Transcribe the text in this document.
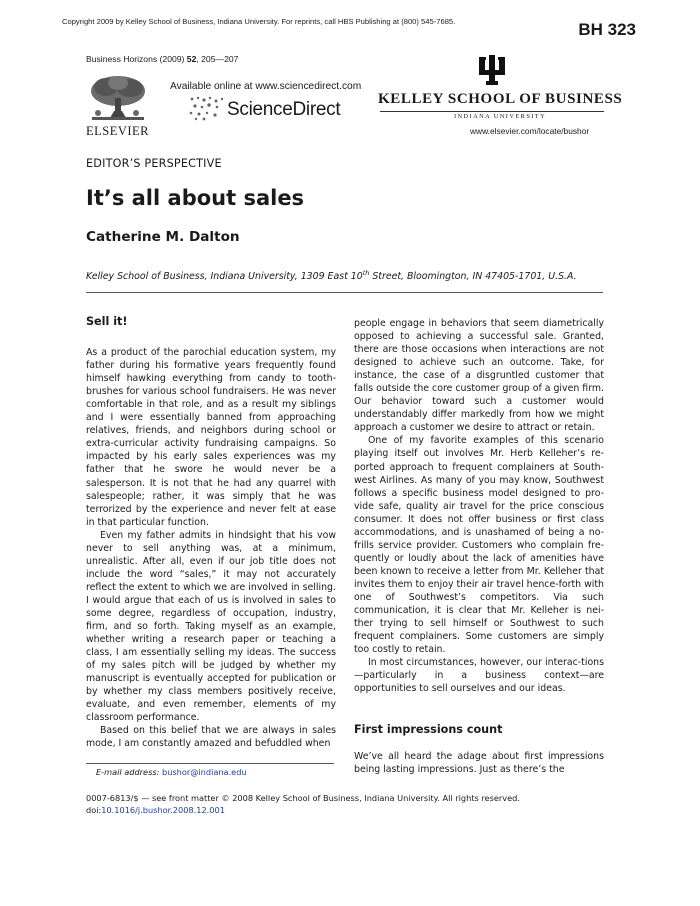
Copyright 2009 by Kelley School of Business, Indiana University. For reprints, call HBS Publishing at (800) 545-7685.	BH 323
Business Horizons (2009) 52, 205—207
ELSEVIER
Available online at www.sciencedirect.com
ScienceDirect	KELLEY SCHOOL OF BUSINESS
INDIANA UNIVERSITY
www.elsevier.com/locate/bushor
EDITOR’S PERSPECTIVE
It’s all about sales
Catherine M. Dalton
Kelley School of Business, Indiana University, 1309 East 10th Street, Bloomington, IN 47405-1701, U.S.A.
Sell it!

As a product of the parochial education system, my father during his formative years frequently found himself hawking everything from candy to tooth-brushes for various school fundraisers. He was never comfortable in that role, and as a result my siblings and I were essentially banned from approaching relatives, friends, and neighbors during school or extra-curricular activity fundraising campaigns. So impacted by his early sales experiences was my father that he swore he would never be a salesperson. It is not that he had any quarrel with salespeople; rather, it was simply that he was terrorized by the experience and never felt at ease in that particular function.

Even my father admits in hindsight that his vow never to sell anything was, at a minimum, unrealistic. After all, even if our job title does not include the word “sales,” it may not accurately reflect the extent to which we are involved in selling. I would argue that each of us is involved in sales to some degree, regardless of occupation, industry, firm, and so forth. Taking myself as an example, whether writing a research paper or teaching a class, I am essentially selling my ideas. The success of my sales pitch will be judged by whether my manuscript is eventually accepted for publication or by whether my class members positively receive, evaluate, and even remember, elements of my classroom performance.

Based on this belief that we are always in sales mode, I am constantly amazed and befuddled when

people engage in behaviors that seem diametrically opposed to achieving a successful sale. Granted, there are those occasions when interactions are not designed to achieve such an outcome. Take, for instance, the case of a disgruntled customer that falls outside the core customer group of a given firm. Our behavior toward such a customer would understandably differ markedly from how we might approach a customer we desire to attract or retain.

One of my favorite examples of this scenario playing itself out involves Mr. Herb Kelleher’s re-ported approach to frequent complainers at South-west Airlines. As many of you may know, Southwest follows a specific business model designed to pro-vide safe, quality air travel for the price conscious consumer. It does not offer business or first class accommodations, and is unashamed of being a no-frills service provider. Customers who complain fre-quently or loudly about the lack of amenities have been known to receive a letter from Mr. Kelleher that invites them to enjoy their air travel hence-forth with one of Southwest’s competitors. Via such communication, it is clear that Mr. Kelleher is nei-ther trying to sell himself or Southwest to such frequent complainers. Some customers are simply too costly to retain.

In most circumstances, however, our interac-tions—particularly in a business context—are opportunities to sell ourselves and our ideas.

First impressions count

We’ve all heard the adage about first impressions being lasting impressions. Just as there’s the

E-mail address: bushor@indiana.edu
0007-6813/$ — see front matter © 2008 Kelley School of Business, Indiana University. All rights reserved.
doi:10.1016/j.bushor.2008.12.001
